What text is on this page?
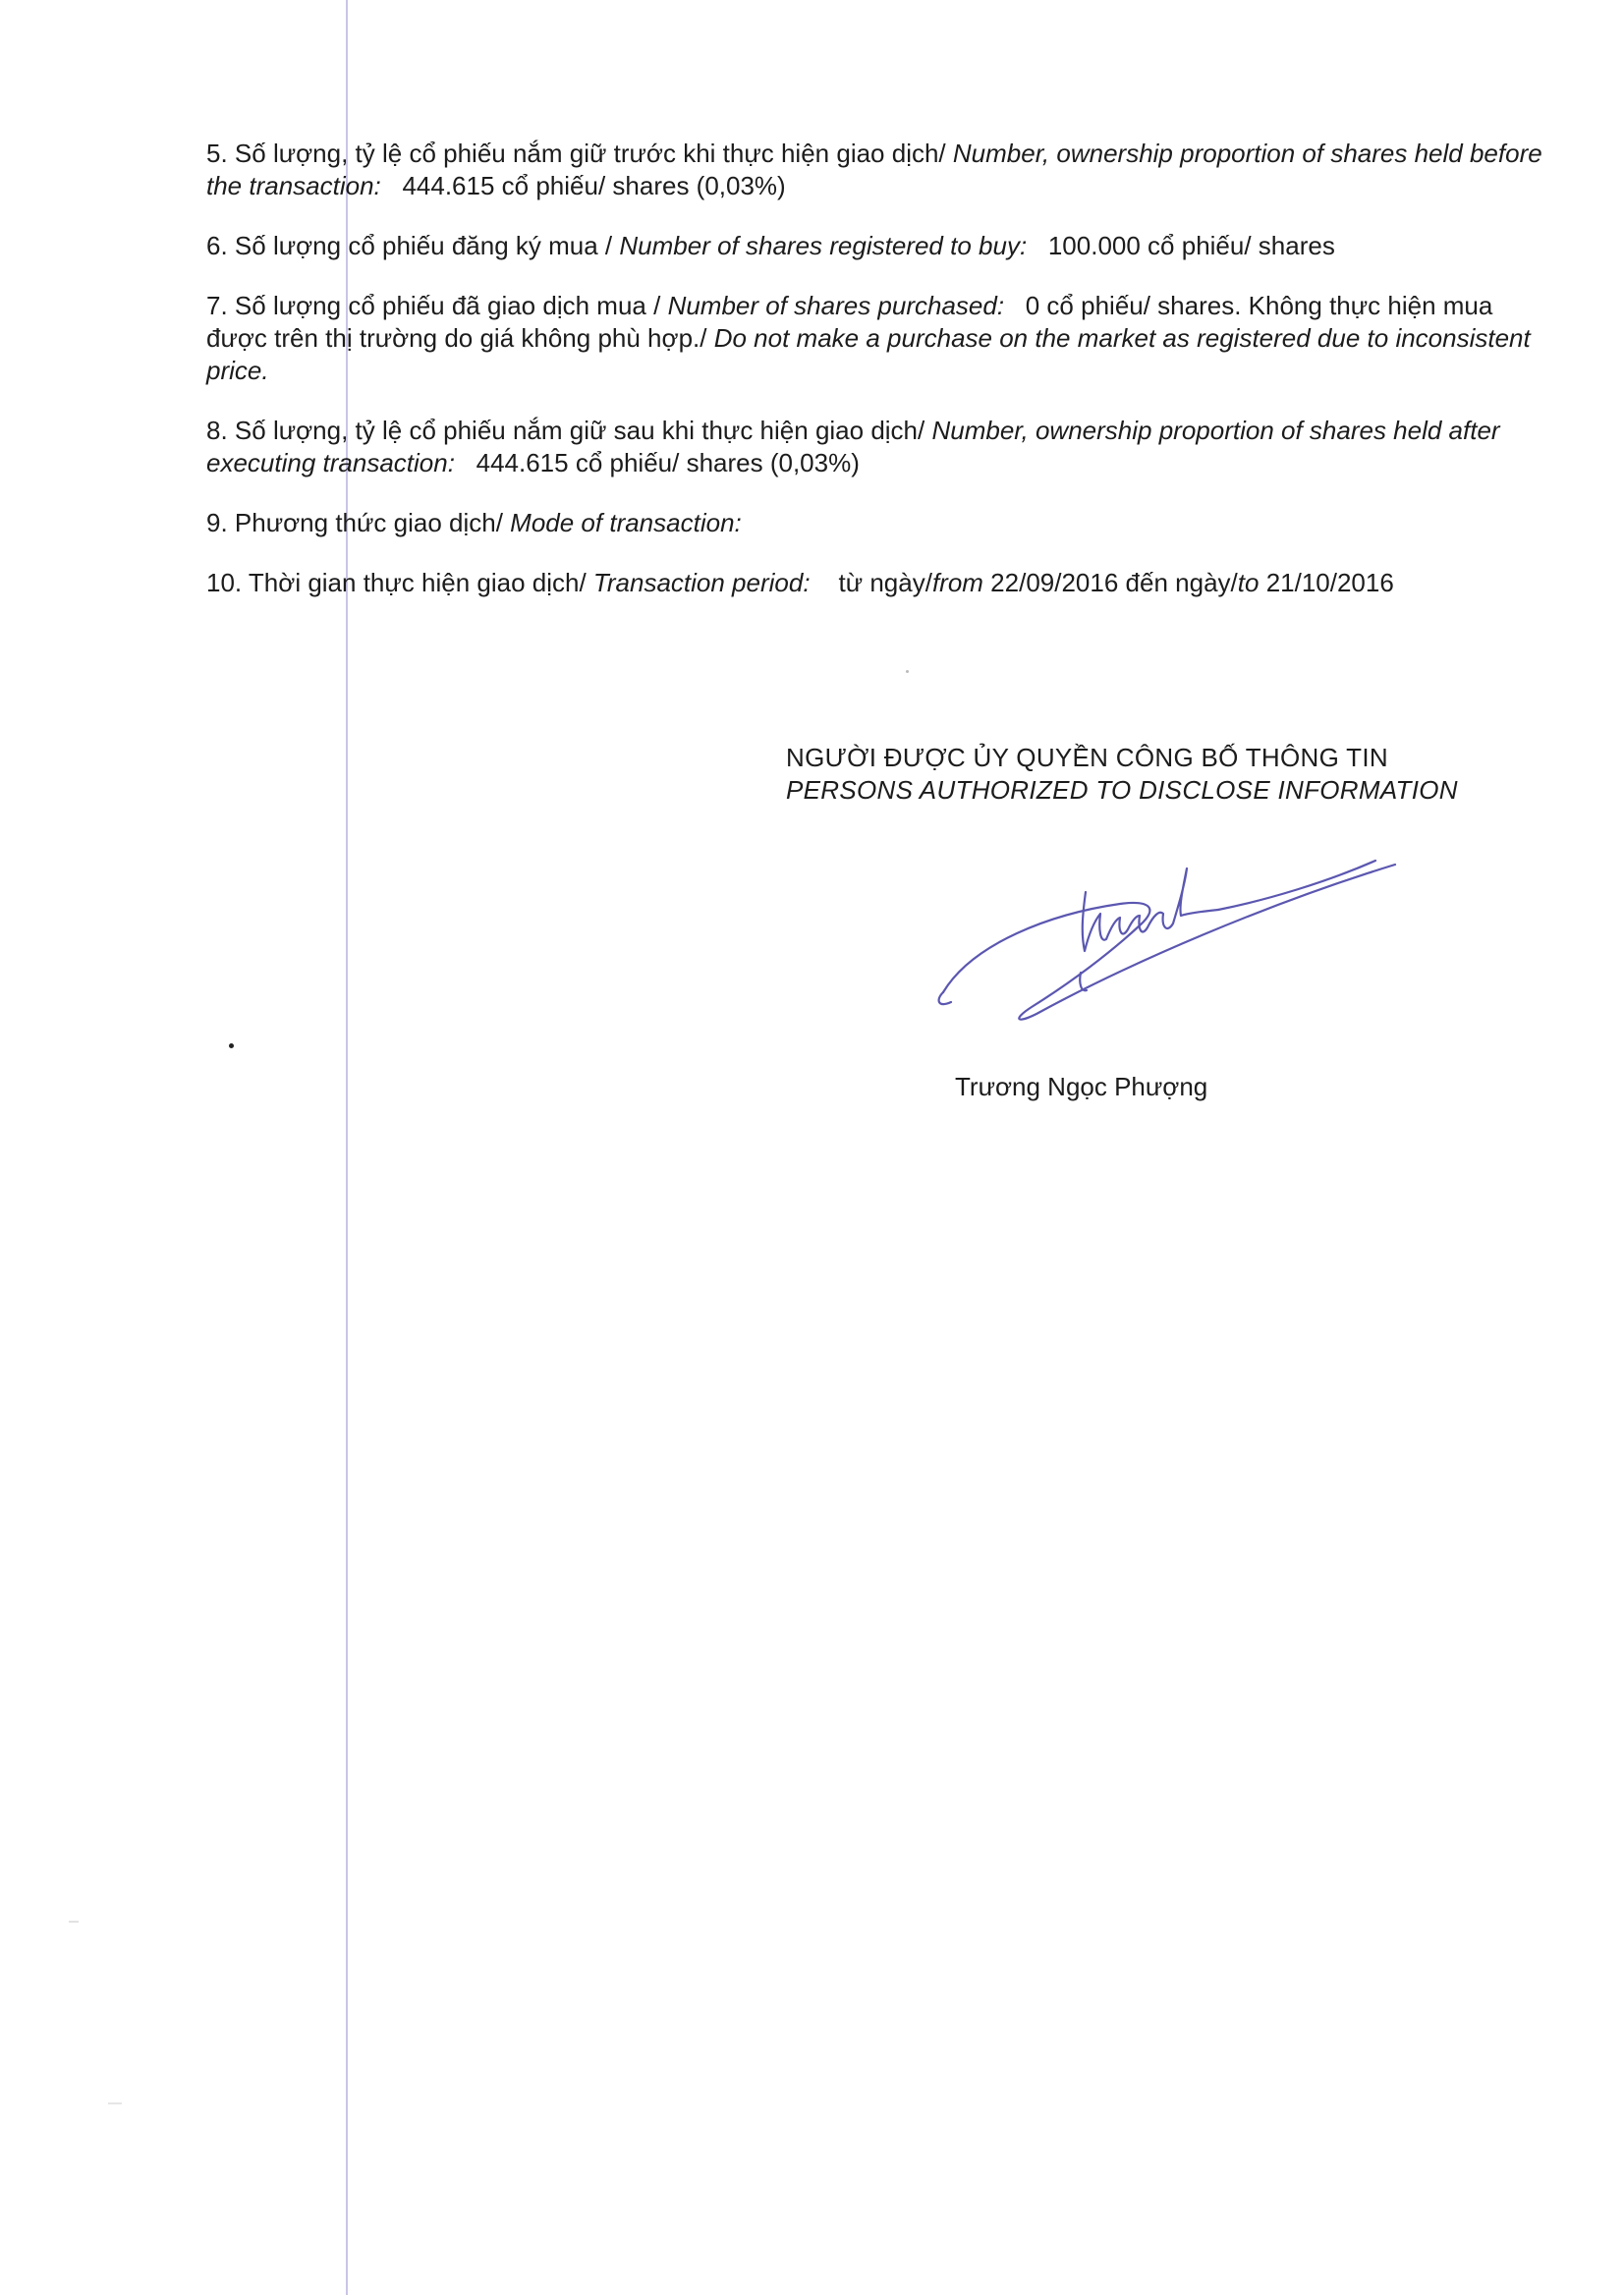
5. Số lượng, tỷ lệ cổ phiếu nắm giữ trước khi thực hiện giao dịch/ Number, ownership proportion of shares held before the transaction: 444.615 cổ phiếu/ shares (0,03%)
6. Số lượng cổ phiếu đăng ký mua / Number of shares registered to buy: 100.000 cổ phiếu/ shares
7. Số lượng cổ phiếu đã giao dịch mua / Number of shares purchased: 0 cổ phiếu/ shares. Không thực hiện mua được trên thị trường do giá không phù hợp./ Do not make a purchase on the market as registered due to inconsistent price.
8. Số lượng, tỷ lệ cổ phiếu nắm giữ sau khi thực hiện giao dịch/ Number, ownership proportion of shares held after executing transaction: 444.615 cổ phiếu/ shares (0,03%)
9. Phương thức giao dịch/ Mode of transaction:
10. Thời gian thực hiện giao dịch/ Transaction period: từ ngày/from 22/09/2016 đến ngày/to 21/10/2016
NGƯỜI ĐƯỢC ỦY QUYỀN CÔNG BỐ THÔNG TIN
PERSONS AUTHORIZED TO DISCLOSE INFORMATION
Trương Ngọc Phượng
